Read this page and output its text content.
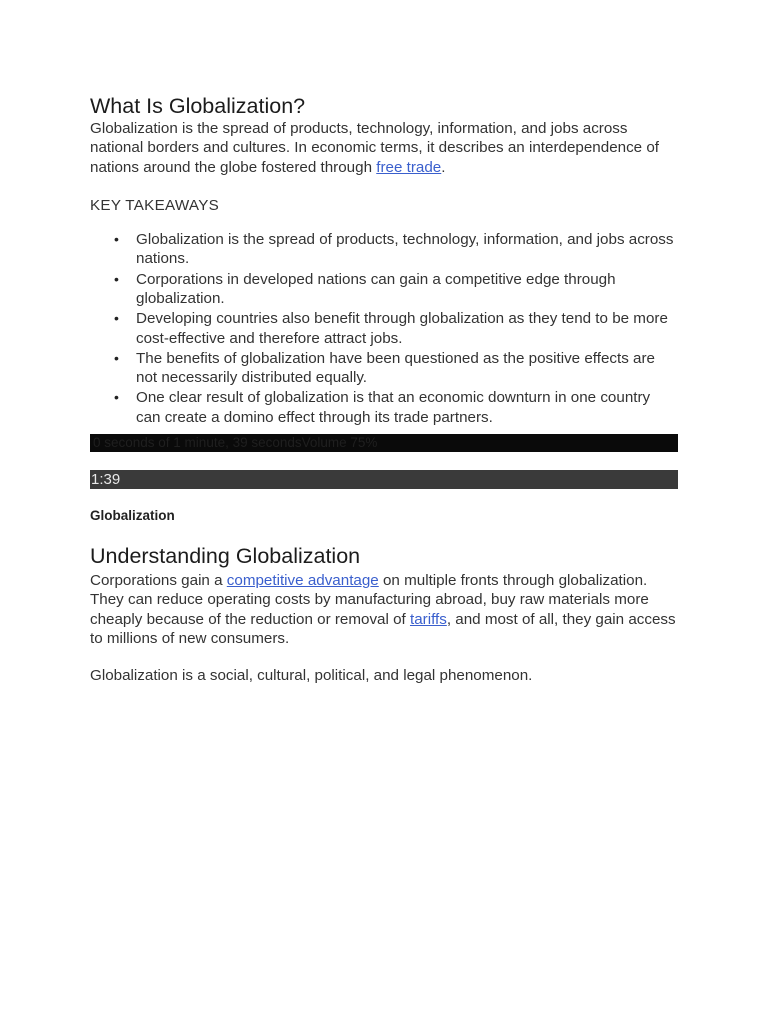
What Is Globalization?

Globalization is the spread of products, technology, information, and jobs across national borders and cultures. In economic terms, it describes an interdependence of nations around the globe fostered through free trade.

KEY TAKEAWAYS
• Globalization is the spread of products, technology, information, and jobs across nations.
• Corporations in developed nations can gain a competitive edge through globalization.
• Developing countries also benefit through globalization as they tend to be more cost-effective and therefore attract jobs.
• The benefits of globalization have been questioned as the positive effects are not necessarily distributed equally.
• One clear result of globalization is that an economic downturn in one country can create a domino effect through its trade partners.
0 seconds of 1 minute, 39 secondsVolume 75%
1:39
Globalization
Understanding Globalization

Corporations gain a competitive advantage on multiple fronts through globalization. They can reduce operating costs by manufacturing abroad, buy raw materials more cheaply because of the reduction or removal of tariffs, and most of all, they gain access to millions of new consumers.

Globalization is a social, cultural, political, and legal phenomenon.
